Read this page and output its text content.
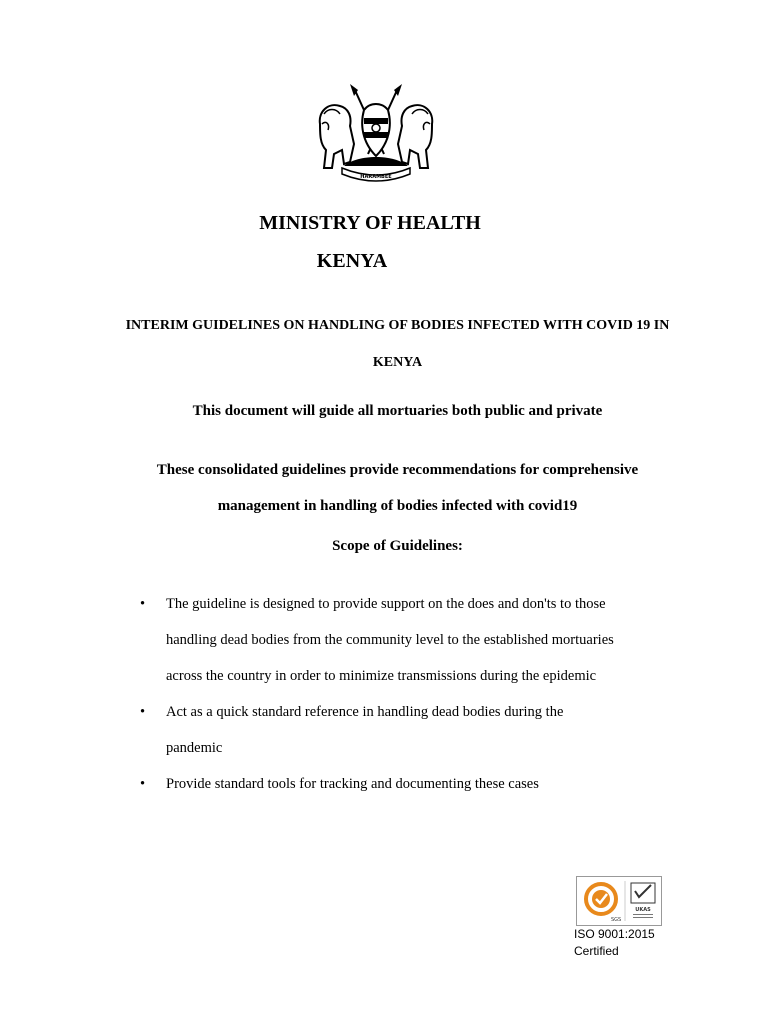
HARAMBEE
MINISTRY OF HEALTH
KENYA
INTERIM GUIDELINES ON HANDLING OF BODIES INFECTED WITH COVID 19 IN
KENYA
This document will guide all mortuaries both public and private
These consolidated guidelines provide recommendations for comprehensive
management in handling of bodies infected with covid19
Scope of Guidelines:
• The guideline is designed to provide support on the does and don'ts to those
handling dead bodies from the community level to the established mortuaries
across the country in order to minimize transmissions during the epidemic
• Act as a quick standard reference in handling dead bodies during the
pandemic
• Provide standard tools for tracking and documenting these cases
SGS
UKAS
ISO 9001:2015
Certified
